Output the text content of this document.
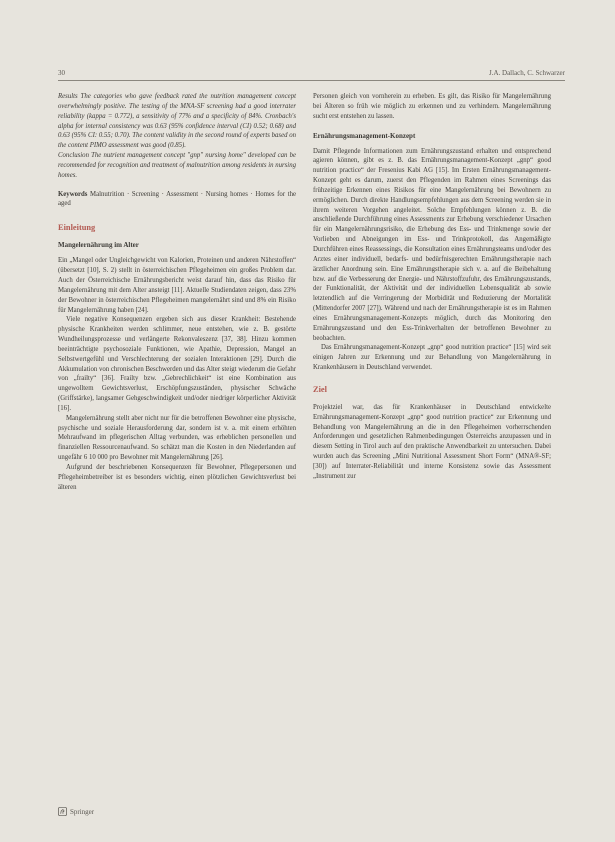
30	J.A. Dallach, C. Schwarzer

Results The categories who gave feedback rated the nutrition management concept overwhelmingly positive. The testing of the MNA-SF screening had a good interrater reliability (kappa = 0.772), a sensitivity of 77% and a specificity of 84%. Cronbach's alpha for internal consistency was 0.63 (95% confidence interval (CI) 0.52; 0.68) and 0.63 (95% CI: 0.55; 0.70). The content validity in the second round of experts based on the content PIMO assessment was good (0.85).

Conclusion The nutrient management concept "gnp" nursing home" developed can be recommended for recognition and treatment of malnutrition among residents in nursing homes.

Keywords Malnutrition · Screening · Assessment · Nursing homes · Homes for the aged

Einleitung
Mangelernährung im Alter

Ein „Mangel oder Ungleichgewicht von Kalorien, Proteinen und anderen Nährstoffen“ (übersetzt [10], S. 2) stellt in österreichischen Pflegeheimen ein großes Problem dar. Auch der Österreichische Ernährungsbericht weist darauf hin, dass das Risiko für Mangelernährung mit dem Alter ansteigt [11]. Aktuelle Studiendaten zeigen, dass 23% der Bewohner in österreichischen Pflegeheimen mangelernährt sind und 8% ein Risiko für Mangelernährung haben [24].

Viele negative Konsequenzen ergeben sich aus dieser Krankheit: Bestehende physische Krankheiten werden schlimmer, neue entstehen, wie z. B. gestörte Wundheilungsprozesse und verlängerte Rekonvaleszenz [37, 38]. Hinzu kommen beeinträchtigte psychosoziale Funktionen, wie Apathie, Depression, Mangel an Selbstwertgefühl und Verschlechterung der sozialen Interaktionen [29]. Durch die Akkumulation von chronischen Beschwerden und das Alter steigt wiederum die Gefahr von „frailty“ [36]. Frailty bzw. „Gebrechlichkeit“ ist eine Kombination aus ungewolltem Gewichtsverlust, Erschöpfungszuständen, physischer Schwäche (Griffstärke), langsamer Gehgeschwindigkeit und/oder niedriger körperlicher Aktivität [16].

Mangelernährung stellt aber nicht nur für die betroffenen Bewohner eine physische, psychische und soziale Herausforderung dar, sondern ist v. a. mit einem erhöhten Mehraufwand im pflegerischen Alltag verbunden, was erheblichen personellen und finanziellen Ressourcenaufwand. So schätzt man die Kosten in den Niederlanden auf ungefähr 6 10 000 pro Bewohner mit Mangelernährung [26].

Aufgrund der beschriebenen Konsequenzen für Bewohner, Pflegepersonen und Pflegeheimbetreiber ist es besonders wichtig, einen plötzlichen Gewichtsverlust bei älteren

Personen gleich von vornherein zu erheben. Es gilt, das Risiko für Mangelernährung bei Älteren so früh wie möglich zu erkennen und zu verhindern. Mangelernährung sucht erst entstehen zu lassen.

Ernährungsmanagement-Konzept

Damit Pflegende Informationen zum Ernährungszustand erhalten und entsprechend agieren können, gibt es z. B. das Ernährungsmanagement-Konzept „gnp“ good nutrition practice“ der Fresenius Kabi AG [15]. Im Ersten Ernährungsmanagement-Konzept geht es darum, zuerst den Pflegenden im Rahmen eines Screenings das frühzeitige Erkennen eines Risikos für eine Mangelernährung bei Bewohnern zu ermöglichen. Durch direkte Handlungsempfehlungen aus dem Screening werden sie in ihrem weiteren Vorgehen angeleitet. Solche Empfehlungen können z. B. die anschließende Durchführung eines Assessments zur Erhebung verschiedener Ursachen für ein Mangelernährungsrisiko, die Erhebung des Ess- und Trinkmenge sowie der Vorlieben und Abneigungen im Ess- und Trinkprotokoll, das Angemäßigte Durchführen eines Reassessings, die Konsultation eines Ernährungsteams und/oder des Arztes einer individuell, bedarfs- und bedürfnisgerechten Ernährungstherapie nach ärztlicher Anordnung sein. Eine Ernährungstherapie sich v. a. auf die Beibehaltung bzw. auf die Verbesserung der Energie- und Nährstoffzufuhr, des Ernährungszustands, der Funktionalität, der Aktivität und der individuellen Lebensqualität ab sowie letztendlich auf die Verringerung der Morbidität und Reduzierung der Mortalität (Mittendorfer 2007 [27]). Während und nach der Ernährungstherapie ist es im Rahmen eines Ernährungsmanagement-Konzepts möglich, durch das Monitoring den Ernährungszustand und den Ess-Trinkverhalten der betroffenen Bewohner zu beobachten.

Das Ernährungsmanagement-Konzept „gnp“ good nutrition practice“ [15] wird seit einigen Jahren zur Erkennung und zur Behandlung von Mangelernährung in Krankenhäusern in Deutschland verwendet.

Ziel

Projektziel war, das für Krankenhäuser in Deutschland entwickelte Ernährungsmanagement-Konzept „gnp“ good nutrition practice“ zur Erkennung und Behandlung von Mangelernährung an die in den Pflegeheimen vorherrschenden Anforderungen und gesetzlichen Rahmenbedingungen Österreichs anzupassen und in diesem Setting in Tirol auch auf den praktische Anwendbarkeit zu untersuchen. Dabei wurden auch das Screening „Mini Nutritional Assessment Short Form“ (MNA®-SF; [30]) auf Interrater-Reliabilität und interne Konsistenz sowie das Assessment „Instrument zur

Springer
